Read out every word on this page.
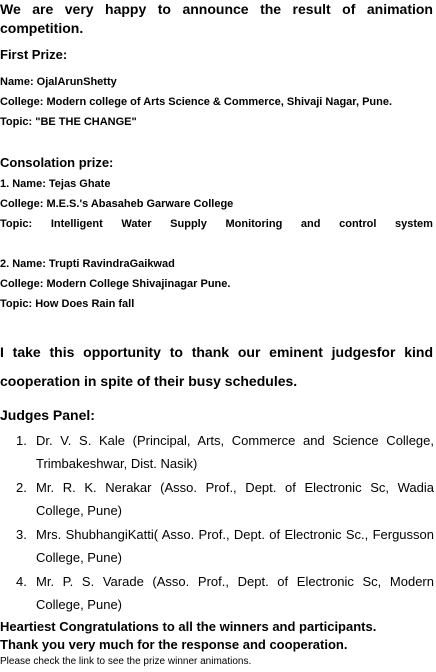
We are very happy to announce the result of animation competition.
First Prize:
Name: OjalArunShetty
College: Modern college of Arts Science & Commerce, Shivaji Nagar, Pune.
Topic: "BE THE CHANGE"
Consolation prize:
1. Name: Tejas Ghate
College: M.E.S.'s Abasaheb Garware College
Topic: Intelligent Water Supply Monitoring and control system
2. Name: Trupti RavindraGaikwad
College: Modern College Shivajinagar Pune.
Topic: How Does Rain fall
I take this opportunity to thank our eminent judgesfor kind cooperation in spite of their busy schedules.
Judges Panel:
1. Dr. V. S. Kale (Principal, Arts, Commerce and Science College, Trimbakeshwar, Dist. Nasik)
2. Mr. R. K. Nerakar (Asso. Prof., Dept. of Electronic Sc, Wadia College, Pune)
3. Mrs. ShubhangiKatti( Asso. Prof., Dept. of Electronic Sc., Fergusson College, Pune)
4. Mr. P. S. Varade (Asso. Prof., Dept. of Electronic Sc, Modern College, Pune)
Heartiest Congratulations to all the winners and participants.
Thank you very much for the response and cooperation.
Please check the link to see the prize winner animations.
